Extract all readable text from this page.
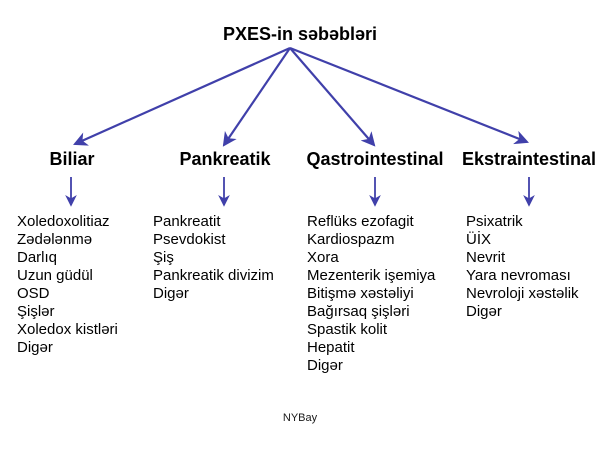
PXES-in səbəbləri
Biliar	Pankreatik Qastrointestinal Ekstraintestinal
Xoledoxolitiaz
Zədələnmə
Darlıq
Uzun güdül
OSD
Şişlər
Xoledox kistləri
Digər
Pankreatit
Psevdokist
Şiş
Pankreatik divizim
Digər
Reflüks ezofagit
Kardiospazm
Xora
Mezenterik işemiya
Bitişmə xəstəliyi
Bağırsaq şişləri
Spastik kolit
Hepatit
Digər
Psixatrik
ÜİX
Nevrit
Yara nevroması
Nevroloji xəstəlik
Digər
NYBay
